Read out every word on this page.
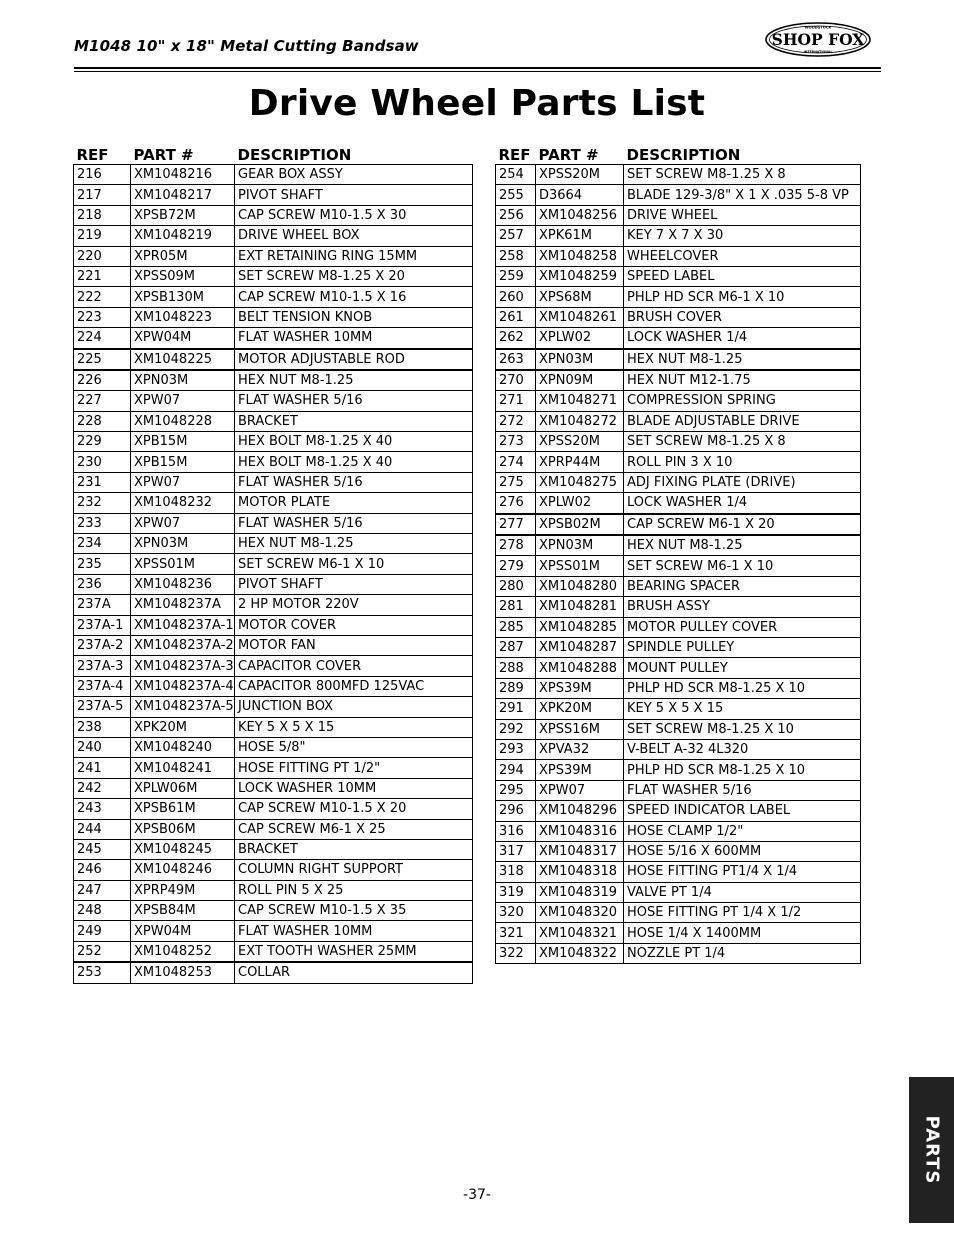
M1048 10" x 18" Metal Cutting Bandsaw
WOODSTOCK
SHOP FOX
INTERNATIONAL
Drive Wheel Parts List
REF	PART #	DESCRIPTION
216	XM1048216	GEAR BOX ASSY
217	XM1048217	PIVOT SHAFT
218	XPSB72M	CAP SCREW M10-1.5 X 30
219	XM1048219	DRIVE WHEEL BOX
220	XPR05M	EXT RETAINING RING 15MM
221	XPSS09M	SET SCREW M8-1.25 X 20
222	XPSB130M	CAP SCREW M10-1.5 X 16
223	XM1048223	BELT TENSION KNOB
224	XPW04M	FLAT WASHER 10MM
225	XM1048225	MOTOR ADJUSTABLE ROD
226	XPN03M	HEX NUT M8-1.25
227	XPW07	FLAT WASHER 5/16
228	XM1048228	BRACKET
229	XPB15M	HEX BOLT M8-1.25 X 40
230	XPB15M	HEX BOLT M8-1.25 X 40
231	XPW07	FLAT WASHER 5/16
232	XM1048232	MOTOR PLATE
233	XPW07	FLAT WASHER 5/16
234	XPN03M	HEX NUT M8-1.25
235	XPSS01M	SET SCREW M6-1 X 10
236	XM1048236	PIVOT SHAFT
237A	XM1048237A	2 HP MOTOR 220V
237A-1	XM1048237A-1	MOTOR COVER
237A-2	XM1048237A-2	MOTOR FAN
237A-3	XM1048237A-3	CAPACITOR COVER
237A-4	XM1048237A-4	CAPACITOR 800MFD 125VAC
237A-5	XM1048237A-5	JUNCTION BOX
238	XPK20M	KEY 5 X 5 X 15
240	XM1048240	HOSE 5/8"
241	XM1048241	HOSE FITTING PT 1/2"
242	XPLW06M	LOCK WASHER 10MM
243	XPSB61M	CAP SCREW M10-1.5 X 20
244	XPSB06M	CAP SCREW M6-1 X 25
245	XM1048245	BRACKET
246	XM1048246	COLUMN RIGHT SUPPORT
247	XPRP49M	ROLL PIN 5 X 25
248	XPSB84M	CAP SCREW M10-1.5 X 35
249	XPW04M	FLAT WASHER 10MM
252	XM1048252	EXT TOOTH WASHER 25MM
253	XM1048253	COLLAR
REF	PART #	DESCRIPTION
254	XPSS20M	SET SCREW M8-1.25 X 8
255	D3664	BLADE 129-3/8" X 1 X .035 5-8 VP
256	XM1048256	DRIVE WHEEL
257	XPK61M	KEY 7 X 7 X 30
258	XM1048258	WHEELCOVER
259	XM1048259	SPEED LABEL
260	XPS68M	PHLP HD SCR M6-1 X 10
261	XM1048261	BRUSH COVER
262	XPLW02	LOCK WASHER 1/4
263	XPN03M	HEX NUT M8-1.25
270	XPN09M	HEX NUT M12-1.75
271	XM1048271	COMPRESSION SPRING
272	XM1048272	BLADE ADJUSTABLE DRIVE
273	XPSS20M	SET SCREW M8-1.25 X 8
274	XPRP44M	ROLL PIN 3 X 10
275	XM1048275	ADJ FIXING PLATE (DRIVE)
276	XPLW02	LOCK WASHER 1/4
277	XPSB02M	CAP SCREW M6-1 X 20
278	XPN03M	HEX NUT M8-1.25
279	XPSS01M	SET SCREW M6-1 X 10
280	XM1048280	BEARING SPACER
281	XM1048281	BRUSH ASSY
285	XM1048285	MOTOR PULLEY COVER
287	XM1048287	SPINDLE PULLEY
288	XM1048288	MOUNT PULLEY
289	XPS39M	PHLP HD SCR M8-1.25 X 10
291	XPK20M	KEY 5 X 5 X 15
292	XPSS16M	SET SCREW M8-1.25 X 10
293	XPVA32	V-BELT A-32 4L320
294	XPS39M	PHLP HD SCR M8-1.25 X 10
295	XPW07	FLAT WASHER 5/16
296	XM1048296	SPEED INDICATOR LABEL
316	XM1048316	HOSE CLAMP 1/2"
317	XM1048317	HOSE 5/16 X 600MM
318	XM1048318	HOSE FITTING PT1/4 X 1/4
319	XM1048319	VALVE PT 1/4
320	XM1048320	HOSE FITTING PT 1/4 X 1/2
321	XM1048321	HOSE 1/4 X 1400MM
322	XM1048322	NOZZLE PT 1/4
PARTS
-37-
